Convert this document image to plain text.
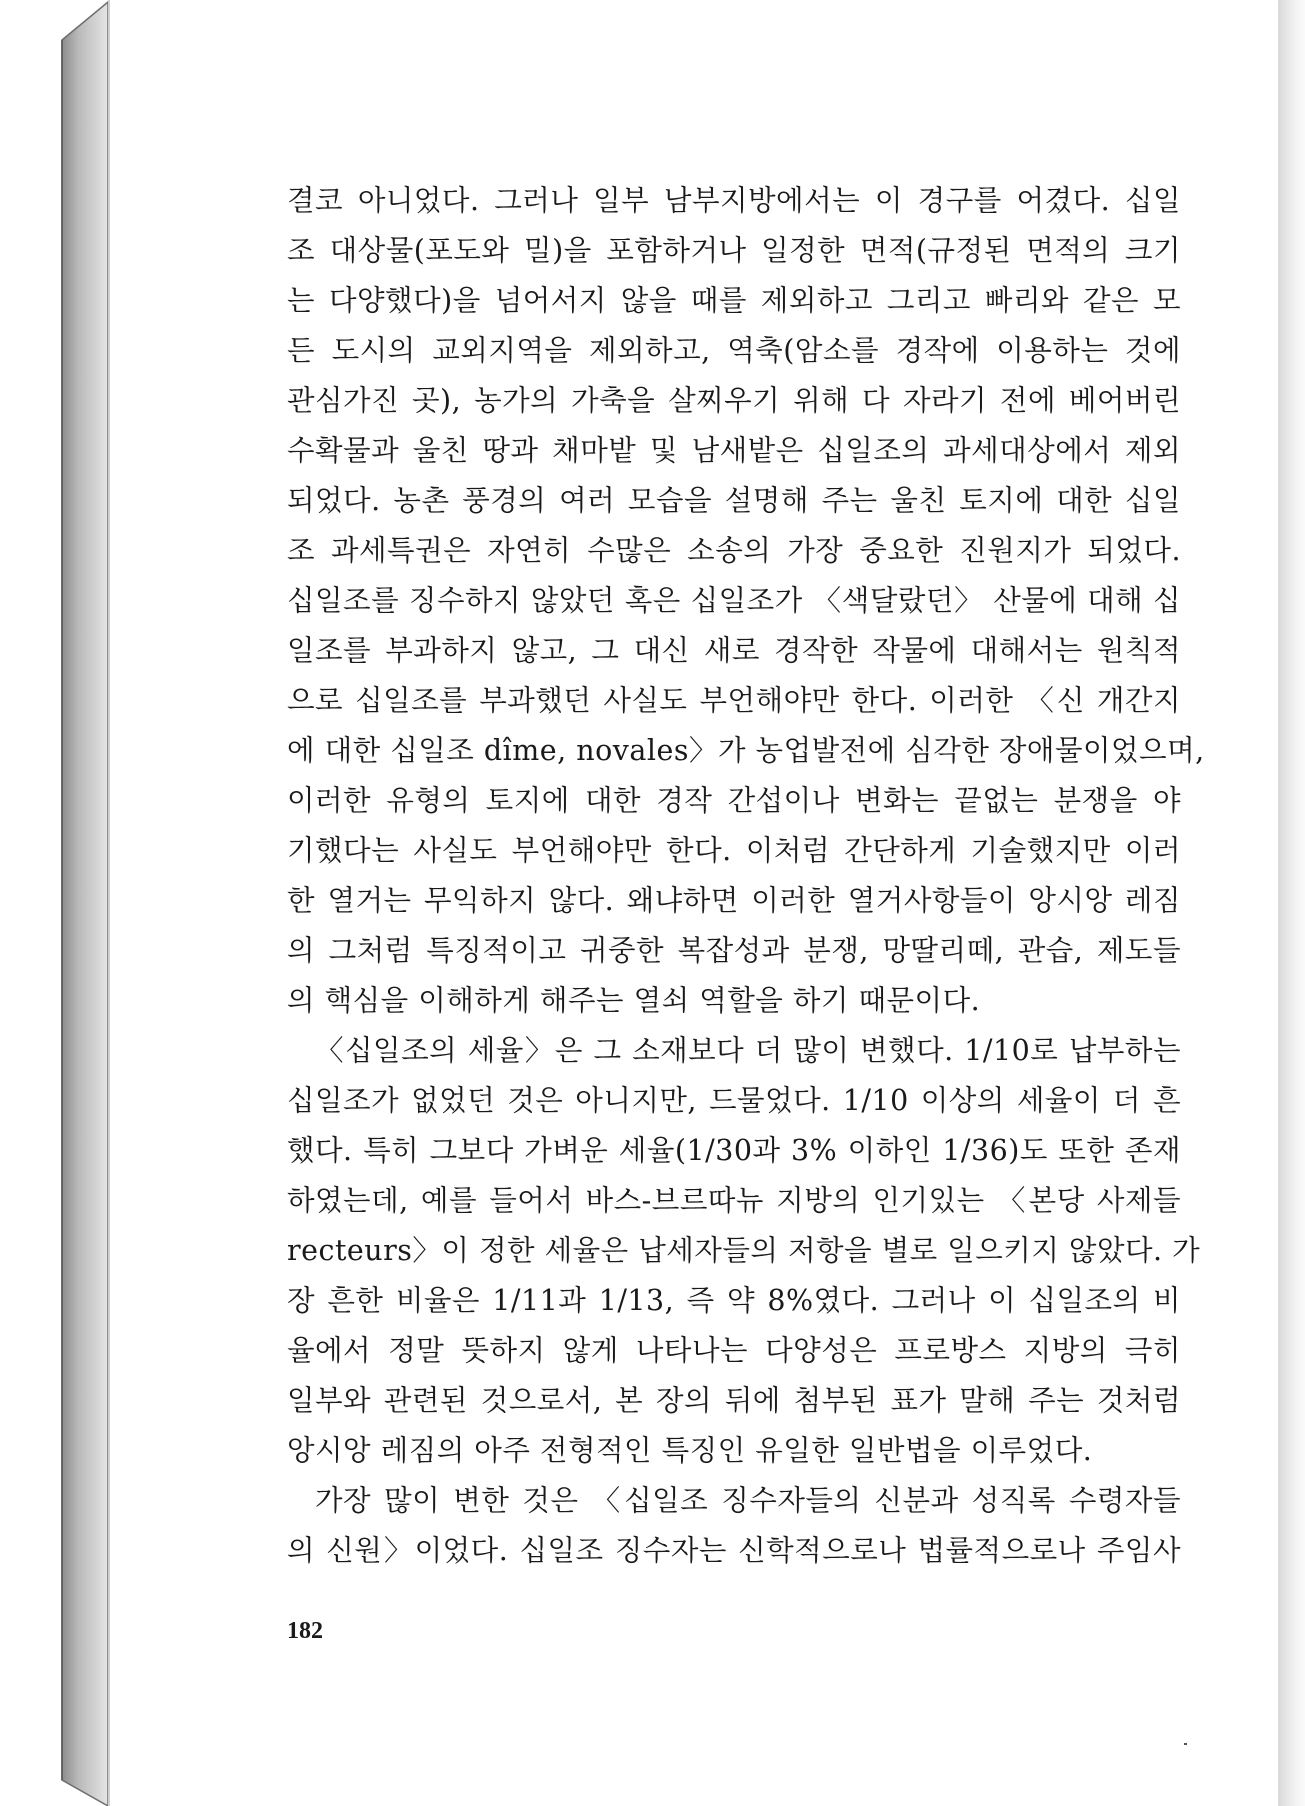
결코 아니었다. 그러나 일부 남부지방에서는 이 경구를 어겼다. 십일
조 대상물(포도와 밀)을 포함하거나 일정한 면적(규정된 면적의 크기
는 다양했다)을 넘어서지 않을 때를 제외하고 그리고 빠리와 같은 모
든 도시의 교외지역을 제외하고, 역축(암소를 경작에 이용하는 것에
관심가진 곳), 농가의 가축을 살찌우기 위해 다 자라기 전에 베어버린
수확물과 울친 땅과 채마밭 및 남새밭은 십일조의 과세대상에서 제외
되었다. 농촌 풍경의 여러 모습을 설명해 주는 울친 토지에 대한 십일
조 과세특권은 자연히 수많은 소송의 가장 중요한 진원지가 되었다.
십일조를 징수하지 않았던 혹은 십일조가 〈색달랐던〉 산물에 대해 십
일조를 부과하지 않고, 그 대신 새로 경작한 작물에 대해서는 원칙적
으로 십일조를 부과했던 사실도 부언해야만 한다. 이러한 〈신 개간지
에 대한 십일조 dîme, novales〉가 농업발전에 심각한 장애물이었으며,
이러한 유형의 토지에 대한 경작 간섭이나 변화는 끝없는 분쟁을 야
기했다는 사실도 부언해야만 한다. 이처럼 간단하게 기술했지만 이러
한 열거는 무익하지 않다. 왜냐하면 이러한 열거사항들이 앙시앙 레짐
의 그처럼 특징적이고 귀중한 복잡성과 분쟁, 망딸리떼, 관습, 제도들
의 핵심을 이해하게 해주는 열쇠 역할을 하기 때문이다.
〈십일조의 세율〉은 그 소재보다 더 많이 변했다. 1/10로 납부하는
십일조가 없었던 것은 아니지만, 드물었다. 1/10 이상의 세율이 더 흔
했다. 특히 그보다 가벼운 세율(1/30과 3% 이하인 1/36)도 또한 존재
하였는데, 예를 들어서 바스-브르따뉴 지방의 인기있는 〈본당 사제들
recteurs〉이 정한 세율은 납세자들의 저항을 별로 일으키지 않았다. 가
장 흔한 비율은 1/11과 1/13, 즉 약 8%였다. 그러나 이 십일조의 비
율에서 정말 뜻하지 않게 나타나는 다양성은 프로방스 지방의 극히
일부와 관련된 것으로서, 본 장의 뒤에 첨부된 표가 말해 주는 것처럼
앙시앙 레짐의 아주 전형적인 특징인 유일한 일반법을 이루었다.
가장 많이 변한 것은 〈십일조 징수자들의 신분과 성직록 수령자들
의 신원〉이었다. 십일조 징수자는 신학적으로나 법률적으로나 주임사
182
